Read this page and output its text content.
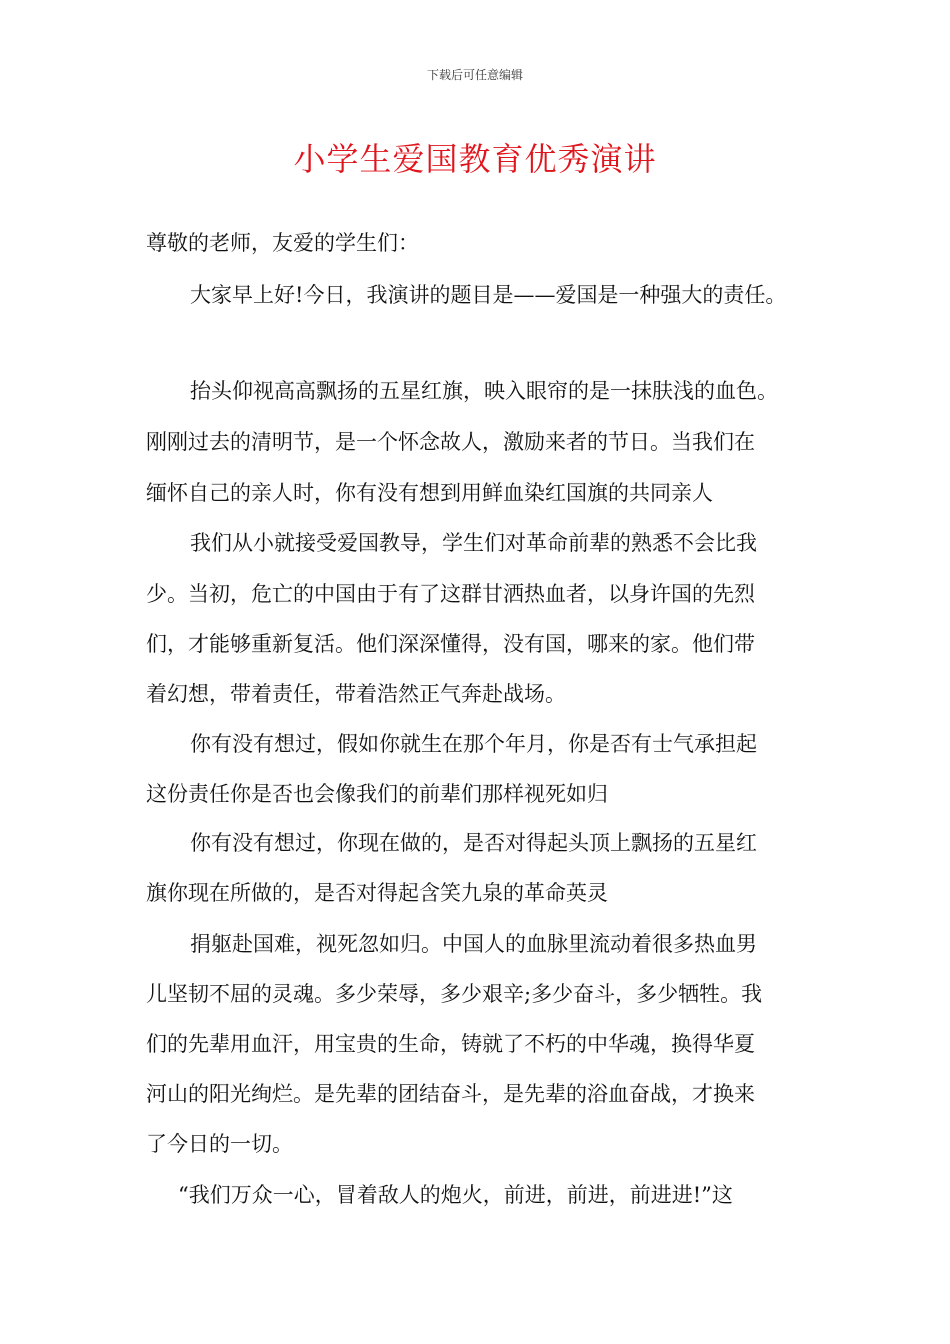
下载后可任意编辑
小学生爱国教育优秀演讲
尊敬的老师，友爱的学生们：
大家早上好!今日，我演讲的题目是——爱国是一种强大的责任。
抬头仰视高高飘扬的五星红旗，映入眼帘的是一抹肤浅的血色。
刚刚过去的清明节，是一个怀念故人，激励来者的节日。当我们在
缅怀自己的亲人时，你有没有想到用鲜血染红国旗的共同亲人
我们从小就接受爱国教导，学生们对革命前辈的熟悉不会比我
少。当初，危亡的中国由于有了这群甘洒热血者，以身许国的先烈
们，才能够重新复活。他们深深懂得，没有国，哪来的家。他们带
着幻想，带着责任，带着浩然正气奔赴战场。
你有没有想过，假如你就生在那个年月，你是否有士气承担起
这份责任你是否也会像我们的前辈们那样视死如归
你有没有想过，你现在做的，是否对得起头顶上飘扬的五星红
旗你现在所做的，是否对得起含笑九泉的革命英灵
捐躯赴国难，视死忽如归。中国人的血脉里流动着很多热血男
儿坚韧不屈的灵魂。多少荣辱，多少艰辛;多少奋斗，多少牺牲。我
们的先辈用血汗，用宝贵的生命，铸就了不朽的中华魂，换得华夏
河山的阳光绚烂。是先辈的团结奋斗，是先辈的浴血奋战，才换来
了今日的一切。
“我们万众一心，冒着敌人的炮火，前进，前进，前进进!”这
